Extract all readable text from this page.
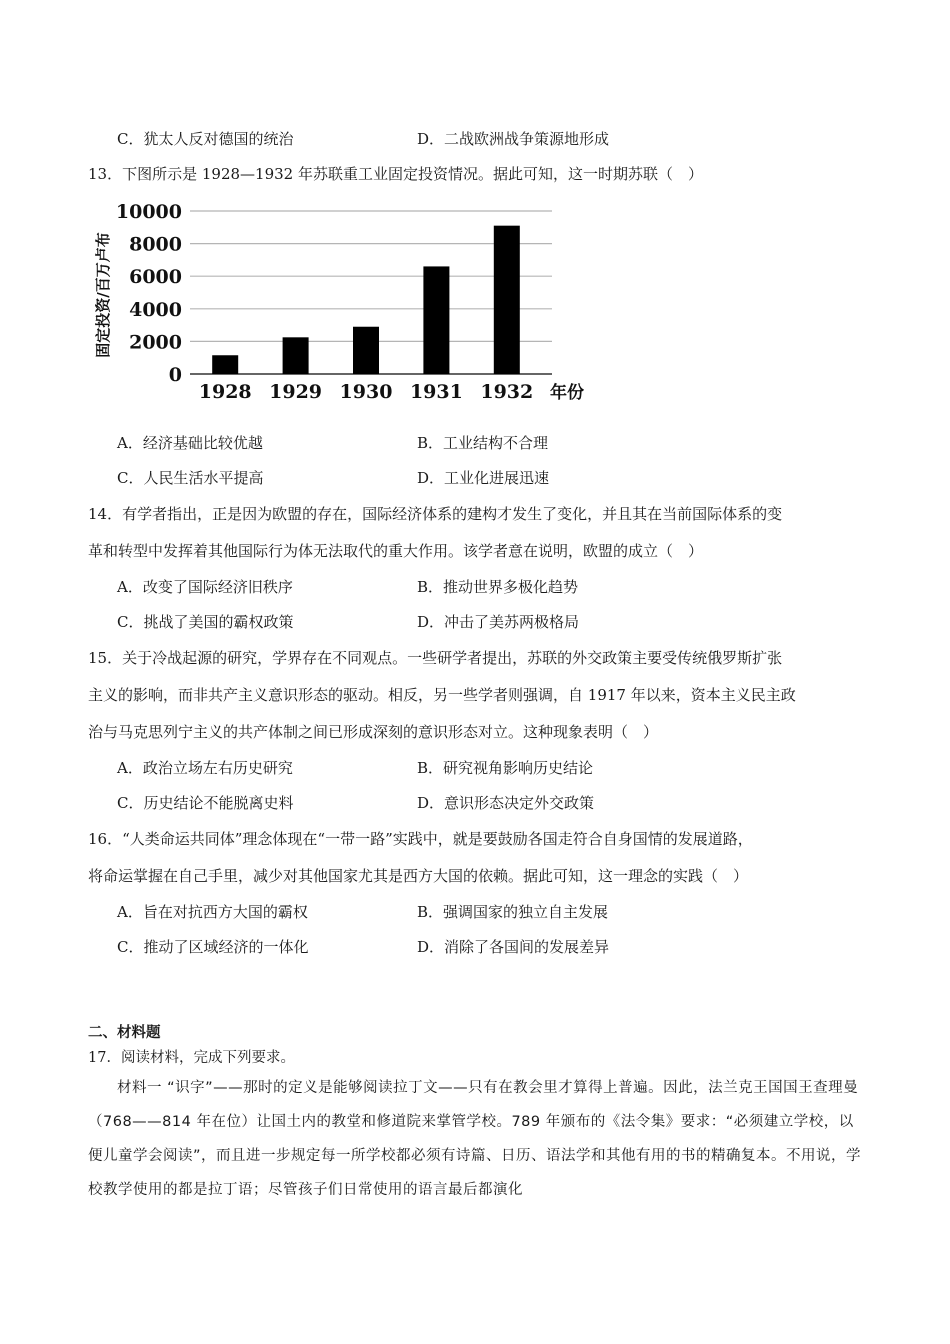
C．犹太人反对德国的统治	D．二战欧洲战争策源地形成
13．下图所示是 1928—1932 年苏联重工业固定投资情况。据此可知，这一时期苏联（　）
0
2000
4000
6000
8000
10000
1928 1929 1930 1931 1932
固定投资/百万卢布
年份
A．经济基础比较优越	B．工业结构不合理
C．人民生活水平提高	D．工业化进展迅速
14．有学者指出，正是因为欧盟的存在，国际经济体系的建构才发生了变化，并且其在当前国际体系的变
革和转型中发挥着其他国际行为体无法取代的重大作用。该学者意在说明，欧盟的成立（　）
A．改变了国际经济旧秩序	B．推动世界多极化趋势
C．挑战了美国的霸权政策	D．冲击了美苏两极格局
15．关于冷战起源的研究，学界存在不同观点。一些研学者提出，苏联的外交政策主要受传统俄罗斯扩张
主义的影响，而非共产主义意识形态的驱动。相反，另一些学者则强调，自 1917 年以来，资本主义民主政
治与马克思列宁主义的共产体制之间已形成深刻的意识形态对立。这种现象表明（　）
A．政治立场左右历史研究	B．研究视角影响历史结论
C．历史结论不能脱离史料	D．意识形态决定外交政策
16．“人类命运共同体”理念体现在“一带一路”实践中，就是要鼓励各国走符合自身国情的发展道路，
将命运掌握在自己手里，减少对其他国家尤其是西方大国的依赖。据此可知，这一理念的实践（　）
A．旨在对抗西方大国的霸权	B．强调国家的独立自主发展
C．推动了区域经济的一体化	D．消除了各国间的发展差异
二、材料题
17．阅读材料，完成下列要求。
材料一 “识字”——那时的定义是能够阅读拉丁文——只有在教会里才算得上普遍。因此，法兰克王国国王查理曼（768——814 年在位）让国土内的教堂和修道院来掌管学校。789 年颁布的《法令集》要求：“必须建立学校，以便儿童学会阅读”，而且进一步规定每一所学校都必须有诗篇、日历、语法学和其他有用的书的精确复本。不用说，学校教学使用的都是拉丁语；尽管孩子们日常使用的语言最后都演化
